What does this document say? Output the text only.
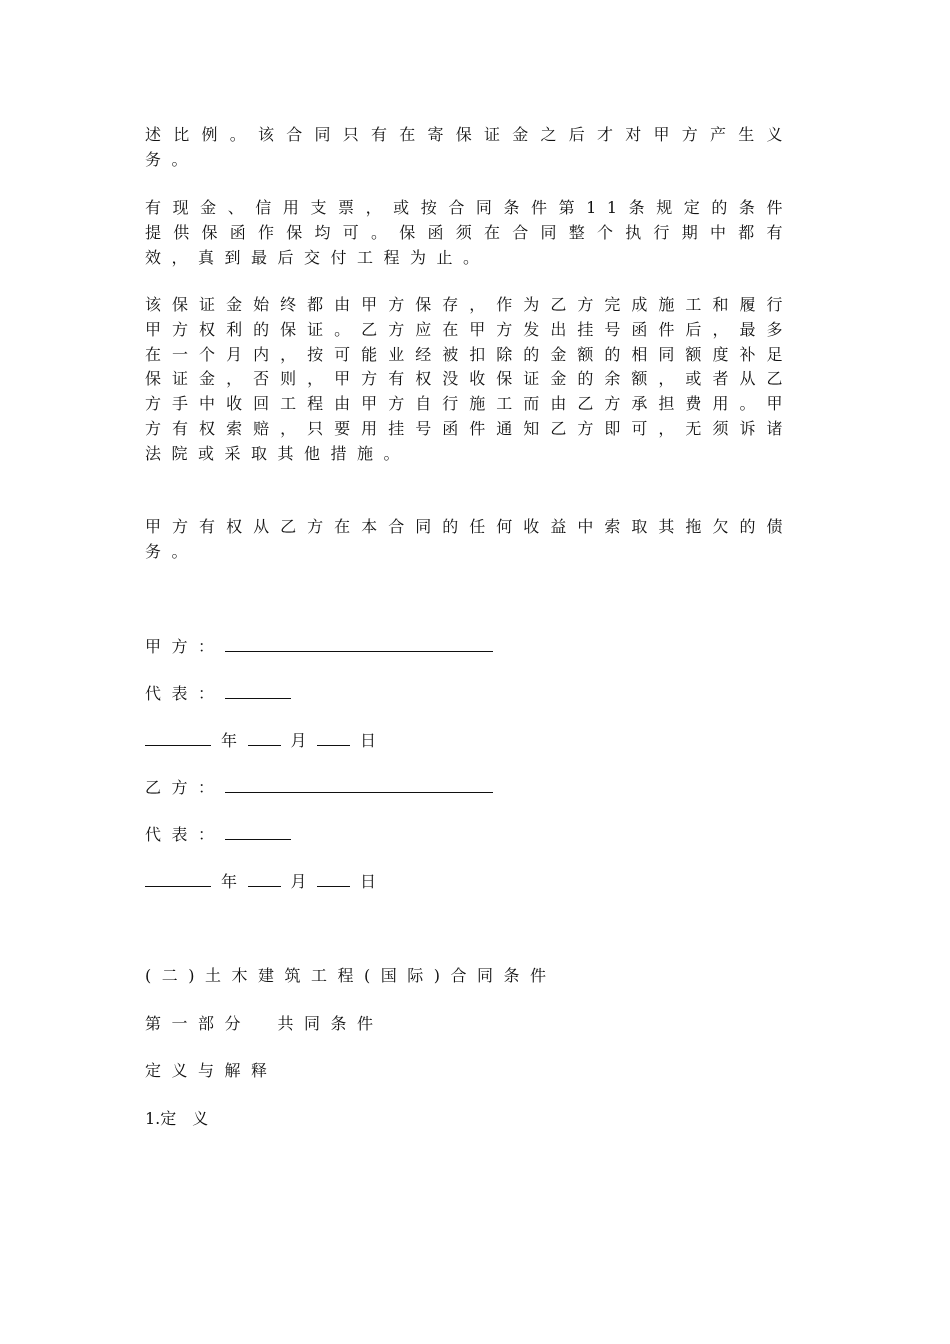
述比例。该合同只有在寄保证金之后才对甲方产生义务。

有现金、信用支票，或按合同条件第11条规定的条件提供保函作保均可。保函须在合同整个执行期中都有效，真到最后交付工程为止。

该保证金始终都由甲方保存，作为乙方完成施工和履行甲方权利的保证。乙方应在甲方发出挂号函件后，最多在一个月内，按可能业经被扣除的金额的相同额度补足保证金，否则，甲方有权没收保证金的余额，或者从乙方手中收回工程由甲方自行施工而由乙方承担费用。甲方有权索赔，只要用挂号函件通知乙方即可，无须诉诸法院或采取其他措施。

甲方有权从乙方在本合同的任何收益中索取其拖欠的债务。

甲方：

代表：

年	月	日

乙方：

代表：

年	月	日

(二)土木建筑工程(国际)合同条件

第一部分　共同条件

定义与解释

1.定　义
